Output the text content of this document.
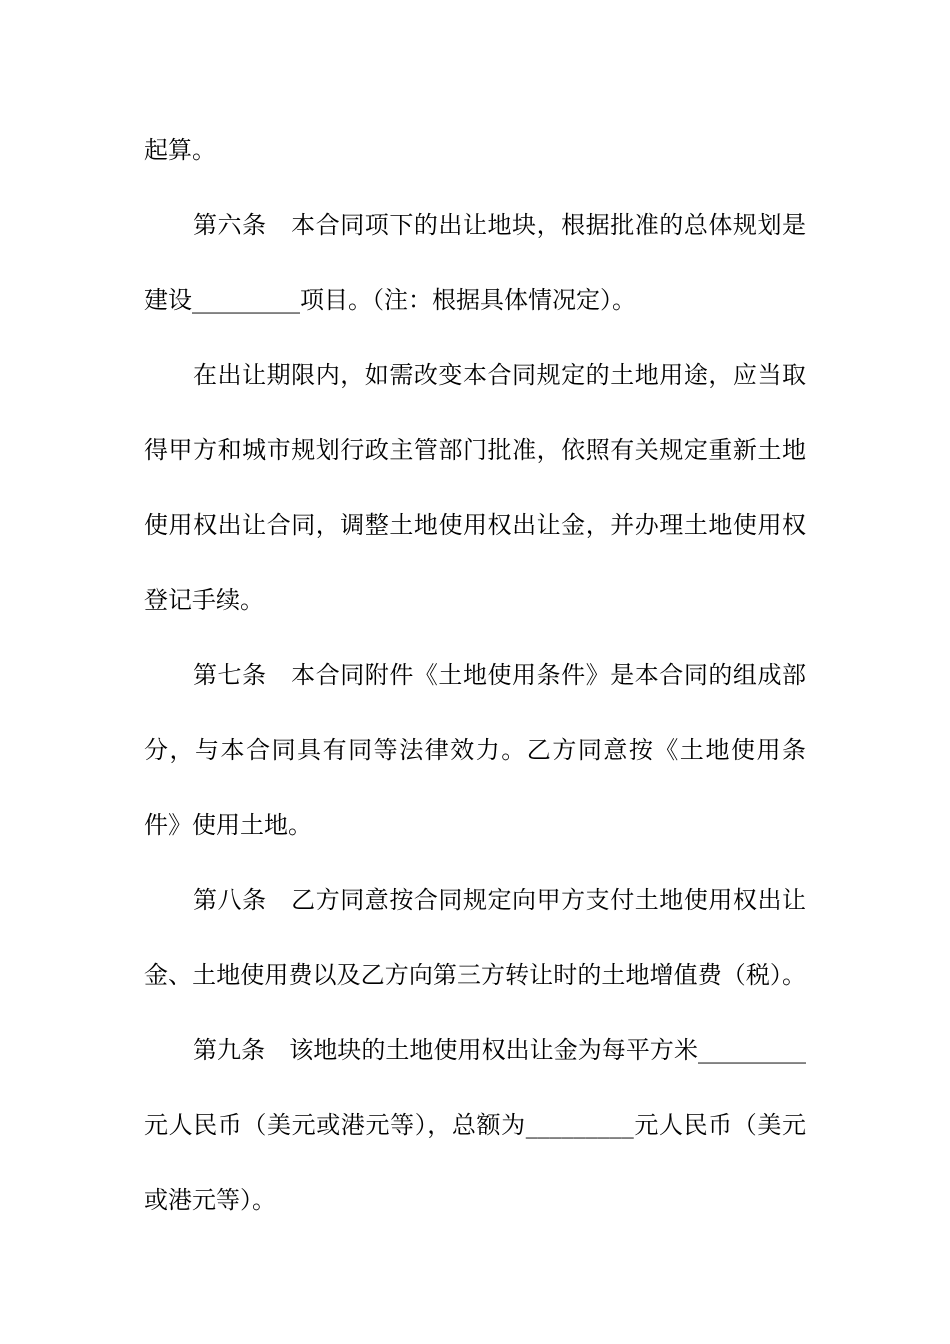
起算。
第六条　本合同项下的出让地块，根据批准的总体规划是
建设_________项目。（注：根据具体情况定）。
在出让期限内，如需改变本合同规定的土地用途，应当取
得甲方和城市规划行政主管部门批准，依照有关规定重新土地
使用权出让合同，调整土地使用权出让金，并办理土地使用权
登记手续。
第七条　本合同附件《土地使用条件》是本合同的组成部
分，与本合同具有同等法律效力。乙方同意按《土地使用条
件》使用土地。
第八条　乙方同意按合同规定向甲方支付土地使用权出让
金、土地使用费以及乙方向第三方转让时的土地增值费（税）。
第九条　该地块的土地使用权出让金为每平方米_________
元人民币（美元或港元等），总额为_________元人民币（美元
或港元等）。
